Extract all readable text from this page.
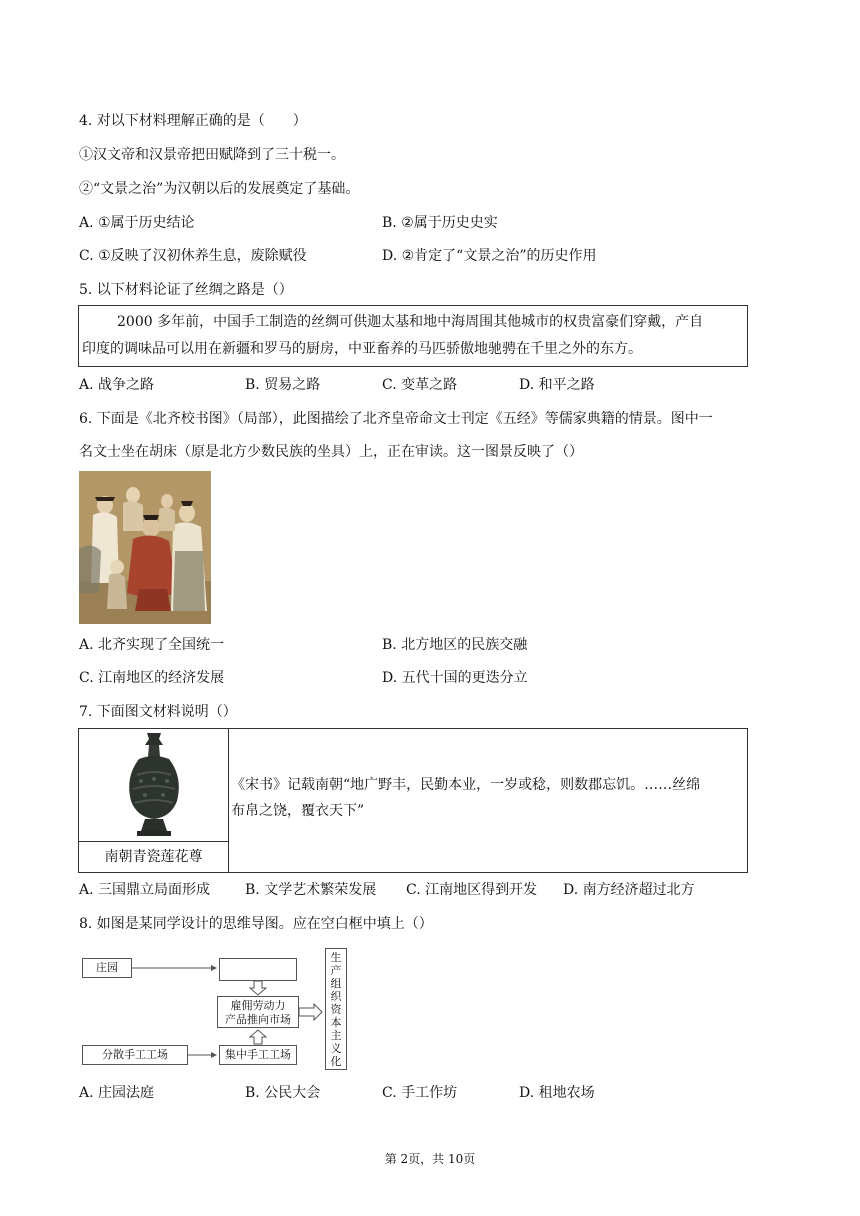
4. 对以下材料理解正确的是（　　）
①汉文帝和汉景帝把田赋降到了三十税一。
②“文景之治”为汉朝以后的发展奠定了基础。
A. ①属于历史结论	B. ②属于历史史实
C. ①反映了汉初休养生息，废除赋役	D. ②肯定了“文景之治”的历史作用
5. 以下材料论证了丝绸之路是（）
2000 多年前，中国手工制造的丝绸可供迦太基和地中海周围其他城市的权贵富豪们穿戴，产自
印度的调味品可以用在新疆和罗马的厨房，中亚畜养的马匹骄傲地驰骋在千里之外的东方。
A. 战争之路	B. 贸易之路	C. 变革之路	D. 和平之路
6. 下面是《北齐校书图》（局部），此图描绘了北齐皇帝命文士刊定《五经》等儒家典籍的情景。图中一
名文士坐在胡床（原是北方少数民族的坐具）上，正在审读。这一图景反映了（）
A. 北齐实现了全国统一	B. 北方地区的民族交融
C. 江南地区的经济发展	D. 五代十国的更迭分立
7. 下面图文材料说明（）
南朝青瓷莲花尊
《宋书》记载南朝“地广野丰，民勤本业，一岁或稔，则数郡忘饥。……丝绵
布帛之饶，覆衣天下”
A. 三国鼎立局面形成 B. 文学艺术繁荣发展 C. 江南地区得到开发 D. 南方经济超过北方
8. 如图是某同学设计的思维导图。应在空白框中填上（）
庄园
雇佣劳动力
产品推向市场
分散手工工场	集中手工工场
生产组织资本主义化
A. 庄园法庭	B. 公民大会	C. 手工作坊	D. 租地农场
第 2页，共 10页
